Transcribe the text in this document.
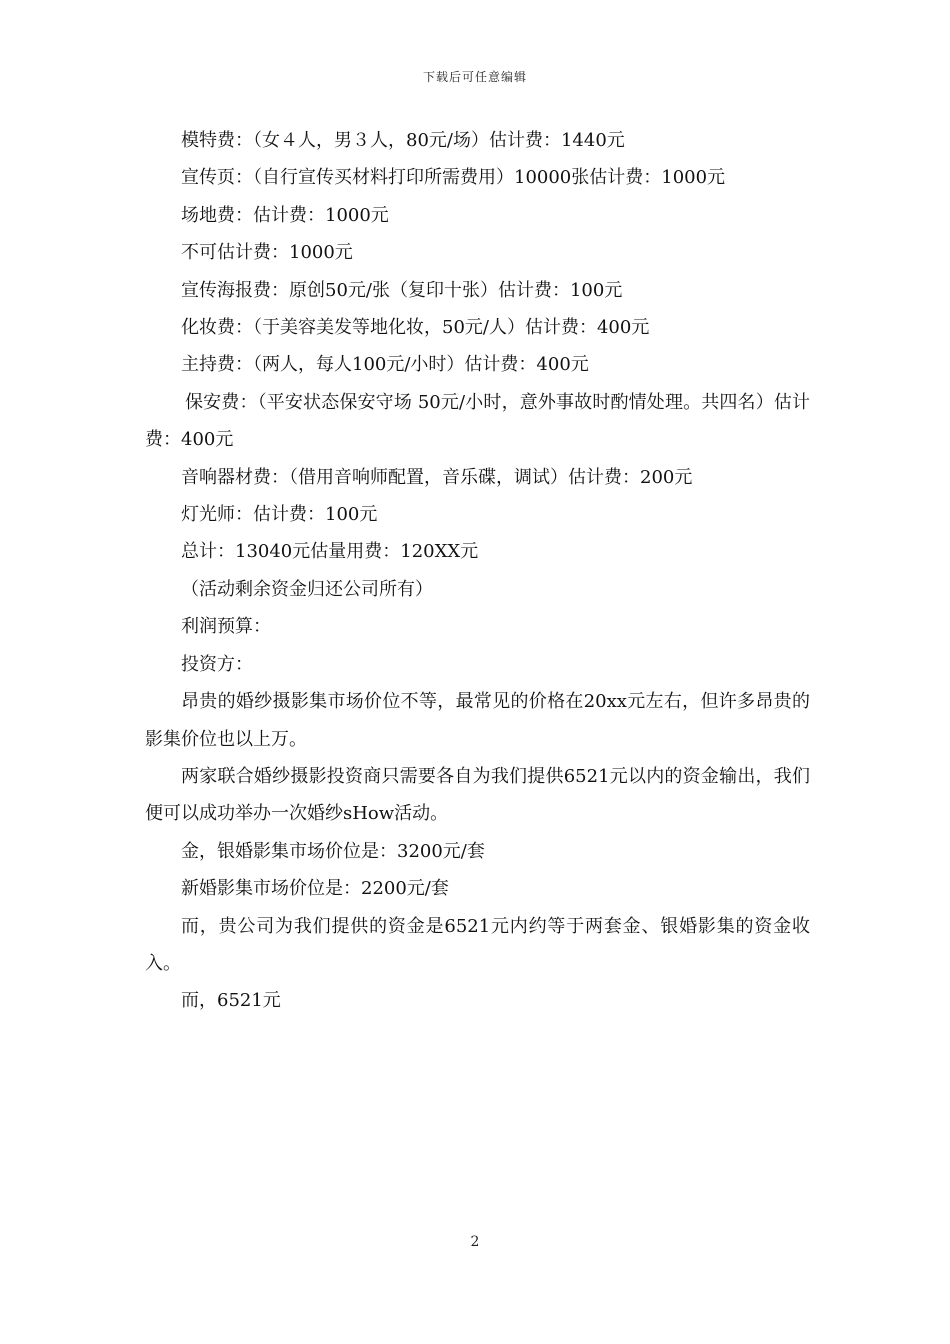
下载后可任意编辑

模特费：（女４人，男３人，80元/场）估计费：1440元

宣传页：（自行宣传买材料打印所需费用）10000张估计费：1000元

场地费：估计费：1000元

不可估计费：1000元

宣传海报费：原创50元/张（复印十张）估计费：100元

化妆费：（于美容美发等地化妆，50元/人）估计费：400元

主持费：（两人，每人100元/小时）估计费：400元

保安费：（平安状态保安守场 50元/小时，意外事故时酌情处理。共四名）估计费：400元

音响器材费：（借用音响师配置，音乐碟，调试）估计费：200元

灯光师：估计费：100元

总计：13040元估量用费：120XX元

（活动剩余资金归还公司所有）

利润预算：

投资方：

昂贵的婚纱摄影集市场价位不等，最常见的价格在20xx元左右，但许多昂贵的影集价位也以上万。

两家联合婚纱摄影投资商只需要各自为我们提供6521元以内的资金输出，我们便可以成功举办一次婚纱sHow活动。

金，银婚影集市场价位是：3200元/套

新婚影集市场价位是：2200元/套

而，贵公司为我们提供的资金是6521元内约等于两套金、银婚影集的资金收入。

而，6521元

2
